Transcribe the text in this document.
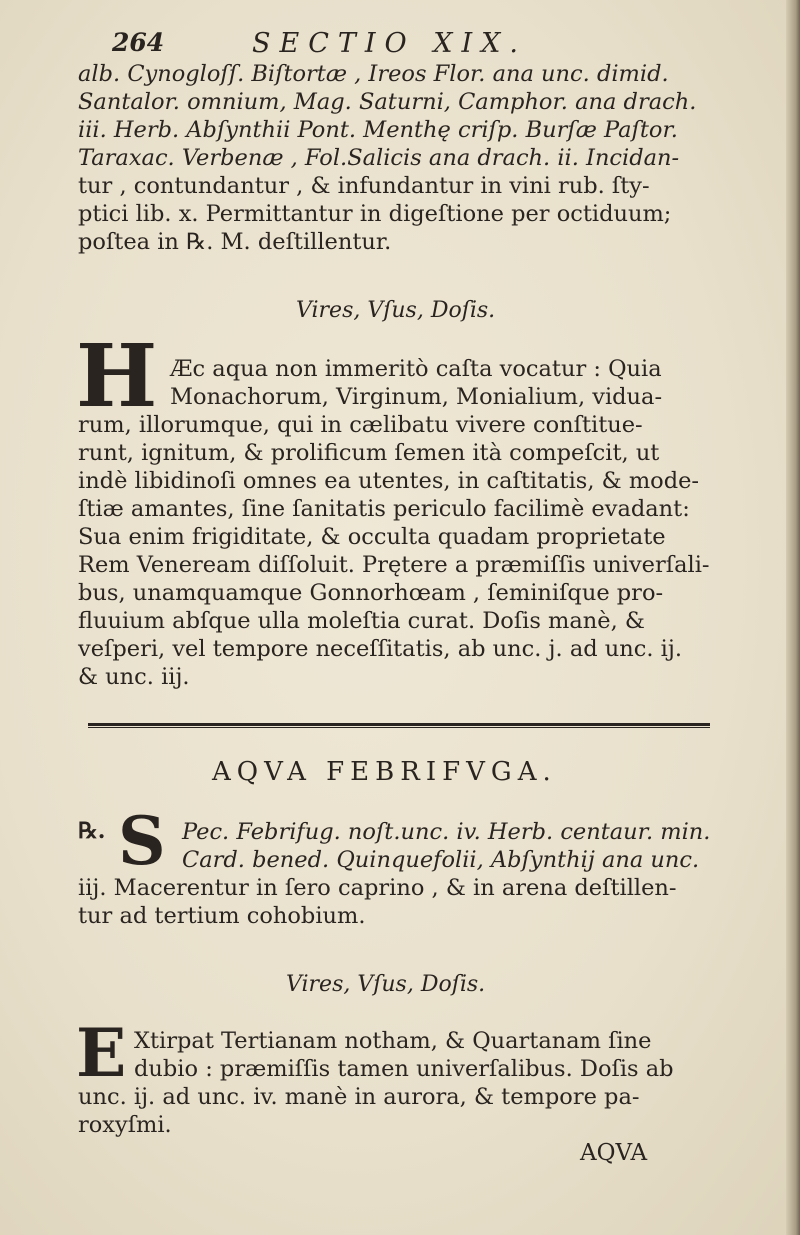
264	SECTIO XIX.
alb. Cynogloſſ. Biſtortæ , Ireos Flor. ana unc. dimid.
Santalor. omnium, Mag. Saturni, Camphor. ana drach.
iii. Herb. Abſynthii Pont. Menthę criſp. Burſæ Paſtor.
Taraxac. Verbenæ , Fol.Salicis ana drach. ii. Incidan-
tur , contundantur , & infundantur in vini rub. ſty-
ptici lib. x. Permittantur in digeſtione per octiduum;
poſtea in ℞. M. deſtillentur.
Vires, Vſus, Doſis.
H Æc aqua non immeritò caſta vocatur : Quia
Monachorum, Virginum, Monialium, vidua-
rum, illorumque, qui in cælibatu vivere conſtitue-
runt, ignitum, & prolificum ſemen ità compeſcit, ut
indè libidinoſi omnes ea utentes, in caſtitatis, & mode-
ſtiæ amantes, ſine ſanitatis periculo facilimè evadant:
Sua enim frigiditate, & occulta quadam proprietate
Rem Veneream diſſoluit. Prętere a præmiſſis univerſali-
bus, unamquamque Gonnorhœam , ſeminiſque pro-
fluuium abſque ulla moleſtia curat. Doſis manè, &
veſperi, vel tempore neceſſitatis, ab unc. j. ad unc. ij.
& unc. iij.
AQVA FEBRIFVGA.
℞. S Pec. Febrifug. noſt.unc. iv. Herb. centaur. min.
Card. bened. Quinquefolii, Abſynthij ana unc.
iij. Macerentur in ſero caprino , & in arena deſtillen-
tur ad tertium cohobium.
Vires, Vſus, Doſis.
E Xtirpat Tertianam notham, & Quartanam ſine
dubio : præmiſſis tamen univerſalibus. Doſis ab
unc. ij. ad unc. iv. manè in aurora, & tempore pa-
roxyſmi.
AQVA
